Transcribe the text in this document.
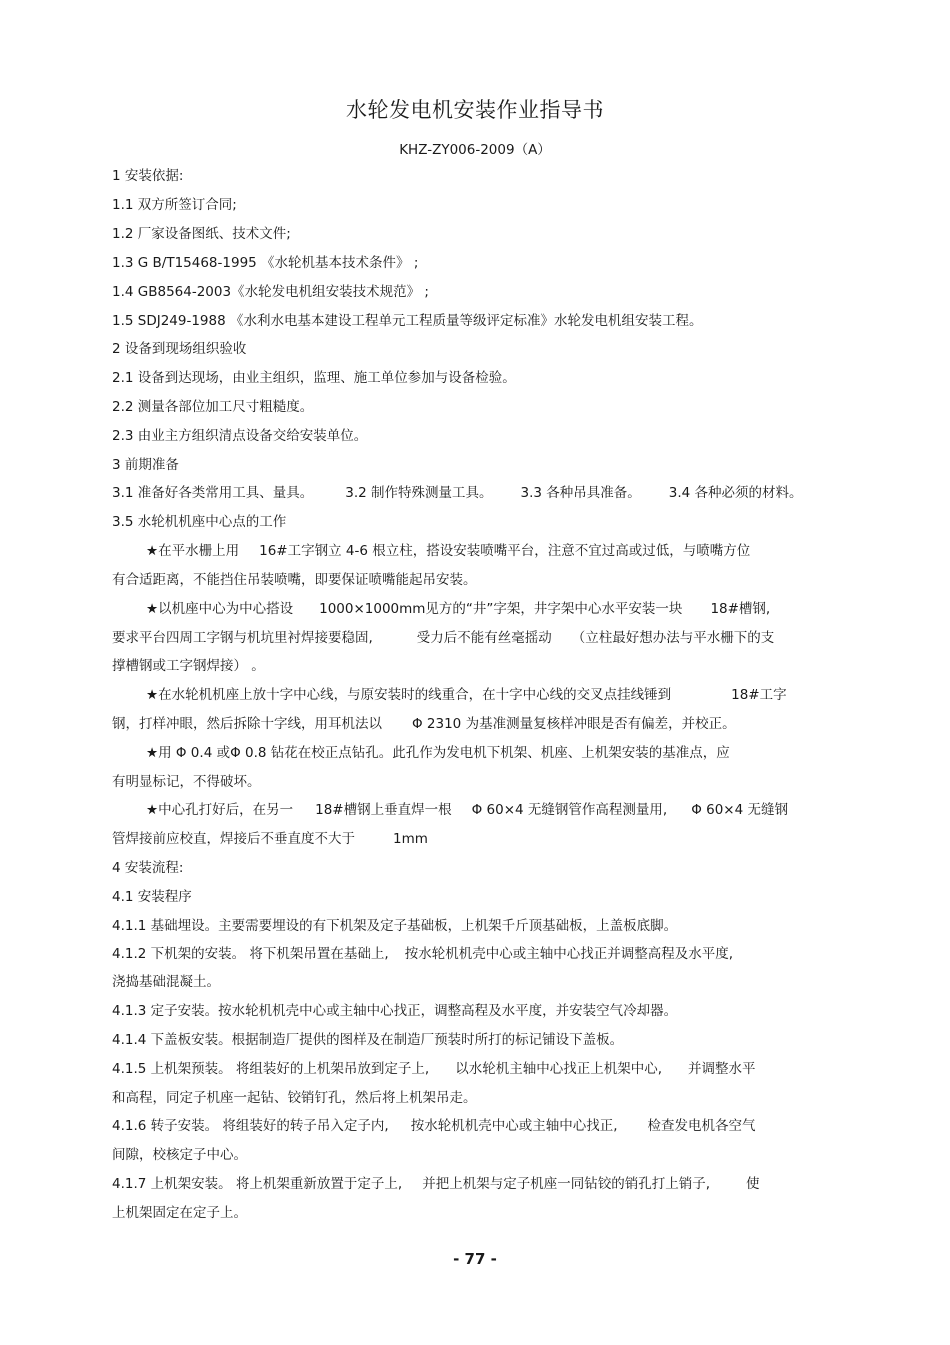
水轮发电机安装作业指导书
KHZ-ZY006-2009（A）
1 安装依据:
1.1 双方所签订合同;
1.2 厂家设备图纸、技术文件;
1.3 G B/T15468-1995 《水轮机基本技术条件》 ;
1.4 GB8564-2003《水轮发电机组安装技术规范》 ;
1.5 SDJ249-1988 《水利水电基本建设工程单元工程质量等级评定标准》水轮发电机组安装工程。
2 设备到现场组织验收
2.1 设备到达现场，由业主组织，监理、施工单位参加与设备检验。
2.2 测量各部位加工尺寸粗糙度。
2.3 由业主方组织清点设备交给安装单位。
3 前期准备
3.1 准备好各类常用工具、量具。 3.2 制作特殊测量工具。 3.3 各种吊具准备。 3.4 各种必须的材料。
3.5 水轮机机座中心点的工作
★在平水栅上用 16#工字钢立 4-6 根立柱，搭设安装喷嘴平台，注意不宜过高或过低，与喷嘴方位
有合适距离，不能挡住吊装喷嘴，即要保证喷嘴能起吊安装。
★以机座中心为中心搭设 1000×1000mm见方的“井”字架，井字架中心水平安装一块 18#槽钢,
要求平台四周工字钢与机坑里衬焊接要稳固,	受力后不能有丝毫摇动 （立柱最好想办法与平水栅下的支
撑槽钢或工字钢焊接） 。
★在水轮机机座上放十字中心线，与原安装时的线重合，在十字中心线的交叉点挂线锤到	18#工字
钢，打样冲眼，然后拆除十字线，用耳机法以 Φ 2310 为基准测量复核样冲眼是否有偏差，并校正。
★用 Φ 0.4 或Φ 0.8 钻花在校正点钻孔。此孔作为发电机下机架、机座、上机架安装的基准点，应
有明显标记，不得破坏。
★中心孔打好后，在另一 18#槽钢上垂直焊一根 Φ 60×4 无缝钢管作高程测量用, Φ 60×4 无缝钢
管焊接前应校直，焊接后不垂直度不大于	1mm
4 安装流程:
4.1 安装程序
4.1.1 基础埋设。主要需要埋设的有下机架及定子基础板，上机架千斤顶基础板，上盖板底脚。
4.1.2 下机架的安装。 将下机架吊置在基础上, 按水轮机机壳中心或主轴中心找正并调整高程及水平度,
浇捣基础混凝土。
4.1.3 定子安装。按水轮机机壳中心或主轴中心找正，调整高程及水平度，并安装空气冷却器。
4.1.4 下盖板安装。根据制造厂提供的图样及在制造厂预装时所打的标记铺设下盖板。
4.1.5 上机架预装。 将组装好的上机架吊放到定子上, 以水轮机主轴中心找正上机架中心, 并调整水平
和高程，同定子机座一起钻、铰销钉孔，然后将上机架吊走。
4.1.6 转子安装。 将组装好的转子吊入定子内, 按水轮机机壳中心或主轴中心找正, 检查发电机各空气
间隙，校核定子中心。
4.1.7 上机架安装。 将上机架重新放置于定子上, 并把上机架与定子机座一同钻铰的销孔打上销子,	使
上机架固定在定子上。
- 77 -
